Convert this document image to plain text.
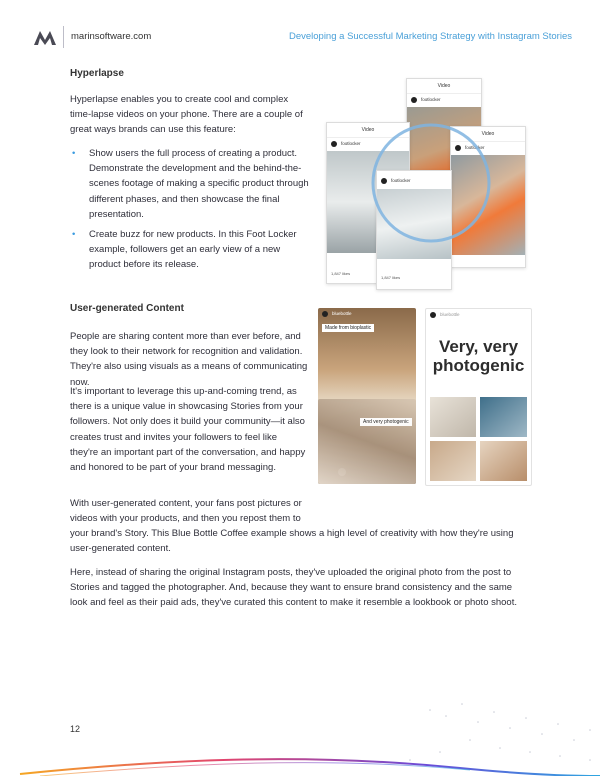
marinsoftware.com	Developing a Successful Marketing Strategy with Instagram Stories
Hyperlapse

Hyperlapse enables you to create cool and complex time-lapse videos on your phone. There are a couple of great ways brands can use this feature:

• Show users the full process of creating a product. Demonstrate the development and the behind-the-scenes footage of making a specific product through different phases, and then showcase the final presentation.
• Create buzz for new products. In this Foot Locker example, followers get an early view of a new product before its release.
Video
footlocker
Video
footlocker
Video
footlocker
1,847 likes
footlocker
1,847 likes
User-generated Content

People are sharing content more than ever before, and they look to their network for recognition and validation. They're also using visuals as a means of communicating now.

It's important to leverage this up-and-coming trend, as there is a unique value in showcasing Stories from your followers. Not only does it build your community—it also creates trust and invites your followers to feel like they're an important part of the conversation, and happy and honored to be part of your brand messaging.

With user-generated content, your fans post pictures or
videos with your products, and then you repost them to

your brand's Story. This Blue Bottle Coffee example shows a high level of creativity with how they're using user-generated content.

Here, instead of sharing the original Instagram posts, they've uploaded the original photo from the post to Stories and tagged the photographer. And, because they want to ensure brand consistency and the same look and feel as their paid ads, they've curated this content to make it resemble a lookbook or photo shoot.

bluebottle
Made from bioplastic
And very photogenic
bluebottle
Very, very photogenic
12
